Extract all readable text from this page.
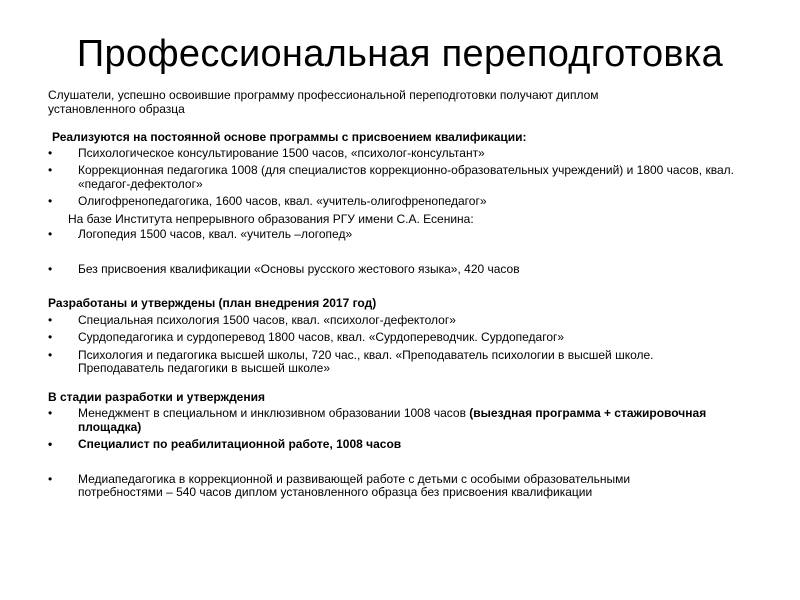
Профессиональная переподготовка

Слушатели, успешно освоившие программу профессиональной переподготовки получают диплом установленного образца

Реализуются на постоянной основе программы с присвоением квалификации:

•	Психологическое консультирование 1500 часов, «психолог-консультант»
•	Коррекционная педагогика 1008 (для специалистов коррекционно-образовательных учреждений) и 1800 часов, квал. «педагог-дефектолог»
•	Олигофренопедагогика, 1600 часов, квал. «учитель-олигофренопедагог»

На базе Института непрерывного образования РГУ имени С.А. Есенина:

•	Логопедия 1500 часов, квал. «учитель –логопед»
•	Без присвоения квалификации «Основы русского жестового языка», 420 часов

Разработаны и утверждены (план внедрения 2017 год)

•	Специальная психология 1500 часов, квал. «психолог-дефектолог»
•	Сурдопедагогика и сурдоперевод 1800 часов, квал. «Сурдопереводчик. Сурдопедагог»
•	Психология и педагогика высшей школы, 720 час., квал. «Преподаватель психологии в высшей школе. Преподаватель педагогики в высшей школе»

В стадии разработки и утверждения

•	Менеджмент в специальном и инклюзивном образовании 1008 часов (выездная программа + стажировочная площадка)
•	Специалист по реабилитационной работе, 1008 часов
•	Медиапедагогика в коррекционной и развивающей работе с детьми с особыми образовательными потребностями – 540 часов диплом установленного образца без присвоения квалификации
